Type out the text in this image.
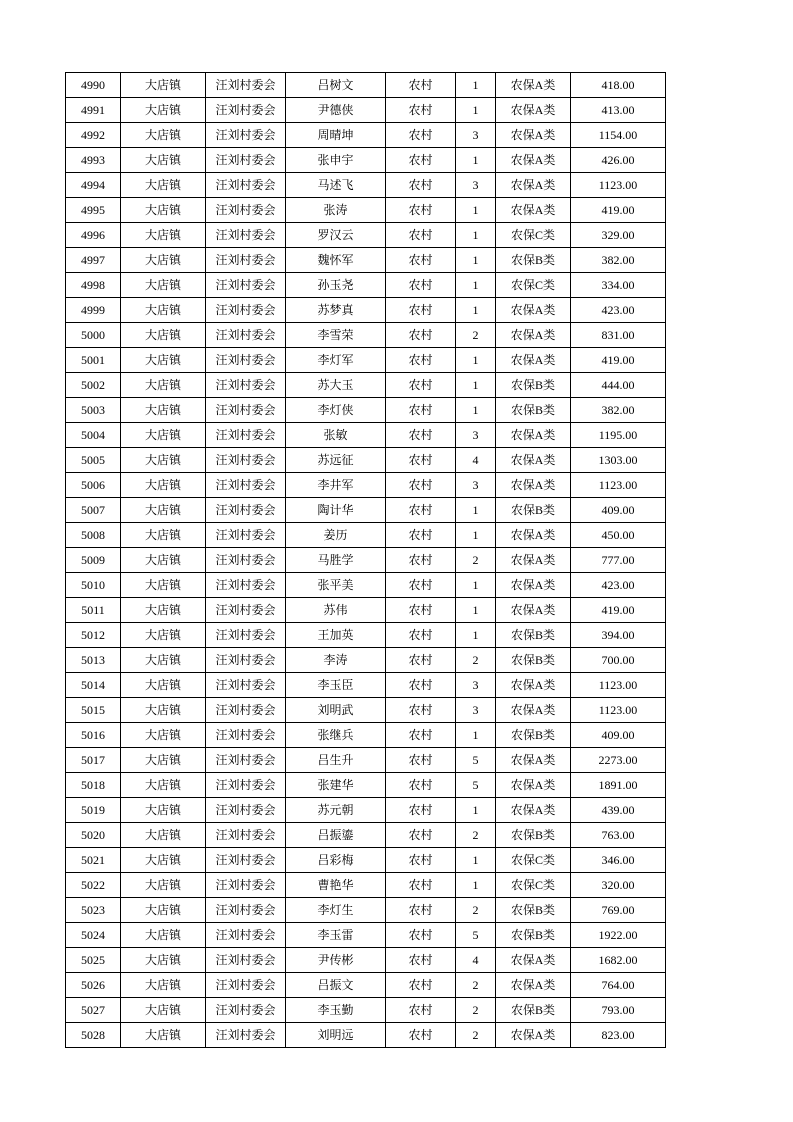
4990	大店镇	汪刘村委会	吕树文	农村	1	农保A类	418.00
4991	大店镇	汪刘村委会	尹德侠	农村	1	农保A类	413.00
4992	大店镇	汪刘村委会	周晴坤	农村	3	农保A类	1154.00
4993	大店镇	汪刘村委会	张申宇	农村	1	农保A类	426.00
4994	大店镇	汪刘村委会	马述飞	农村	3	农保A类	1123.00
4995	大店镇	汪刘村委会	张涛	农村	1	农保A类	419.00
4996	大店镇	汪刘村委会	罗汉云	农村	1	农保C类	329.00
4997	大店镇	汪刘村委会	魏怀军	农村	1	农保B类	382.00
4998	大店镇	汪刘村委会	孙玉尧	农村	1	农保C类	334.00
4999	大店镇	汪刘村委会	苏梦真	农村	1	农保A类	423.00
5000	大店镇	汪刘村委会	李雪荣	农村	2	农保A类	831.00
5001	大店镇	汪刘村委会	李灯军	农村	1	农保A类	419.00
5002	大店镇	汪刘村委会	苏大玉	农村	1	农保B类	444.00
5003	大店镇	汪刘村委会	李灯侠	农村	1	农保B类	382.00
5004	大店镇	汪刘村委会	张敏	农村	3	农保A类	1195.00
5005	大店镇	汪刘村委会	苏远征	农村	4	农保A类	1303.00
5006	大店镇	汪刘村委会	李井军	农村	3	农保A类	1123.00
5007	大店镇	汪刘村委会	陶计华	农村	1	农保B类	409.00
5008	大店镇	汪刘村委会	姜历	农村	1	农保A类	450.00
5009	大店镇	汪刘村委会	马胜学	农村	2	农保A类	777.00
5010	大店镇	汪刘村委会	张平美	农村	1	农保A类	423.00
5011	大店镇	汪刘村委会	苏伟	农村	1	农保A类	419.00
5012	大店镇	汪刘村委会	王加英	农村	1	农保B类	394.00
5013	大店镇	汪刘村委会	李涛	农村	2	农保B类	700.00
5014	大店镇	汪刘村委会	李玉臣	农村	3	农保A类	1123.00
5015	大店镇	汪刘村委会	刘明武	农村	3	农保A类	1123.00
5016	大店镇	汪刘村委会	张继兵	农村	1	农保B类	409.00
5017	大店镇	汪刘村委会	吕生升	农村	5	农保A类	2273.00
5018	大店镇	汪刘村委会	张建华	农村	5	农保A类	1891.00
5019	大店镇	汪刘村委会	苏元朝	农村	1	农保A类	439.00
5020	大店镇	汪刘村委会	吕振鎏	农村	2	农保B类	763.00
5021	大店镇	汪刘村委会	吕彩梅	农村	1	农保C类	346.00
5022	大店镇	汪刘村委会	曹艳华	农村	1	农保C类	320.00
5023	大店镇	汪刘村委会	李灯生	农村	2	农保B类	769.00
5024	大店镇	汪刘村委会	李玉雷	农村	5	农保B类	1922.00
5025	大店镇	汪刘村委会	尹传彬	农村	4	农保A类	1682.00
5026	大店镇	汪刘村委会	吕振文	农村	2	农保A类	764.00
5027	大店镇	汪刘村委会	李玉勤	农村	2	农保B类	793.00
5028	大店镇	汪刘村委会	刘明远	农村	2	农保A类	823.00
